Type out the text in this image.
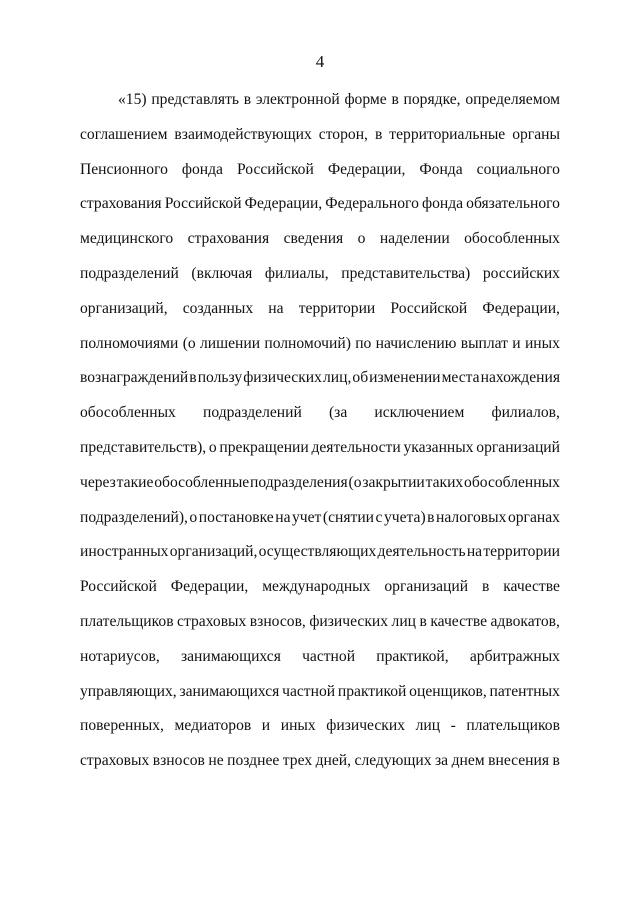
4
«15) представлять в электронной форме в порядке, определяемом
соглашением взаимодействующих сторон, в территориальные органы
Пенсионного фонда Российской Федерации, Фонда социального
страхования Российской Федерации, Федерального фонда обязательного
медицинского страхования сведения о наделении обособленных
подразделений (включая филиалы, представительства) российских
организаций, созданных на территории Российской Федерации,
полномочиями (о лишении полномочий) по начислению выплат и иных
вознаграждений в пользу физических лиц, об изменении места нахождения
обособленных подразделений (за исключением филиалов,
представительств), о прекращении деятельности указанных организаций
через такие обособленные подразделения (о закрытии таких обособленных
подразделений), о постановке на учет (снятии с учета) в налоговых органах
иностранных организаций, осуществляющих деятельность на территории
Российской Федерации, международных организаций в качестве
плательщиков страховых взносов, физических лиц в качестве адвокатов,
нотариусов, занимающихся частной практикой, арбитражных
управляющих, занимающихся частной практикой оценщиков, патентных
поверенных, медиаторов и иных физических лиц - плательщиков
страховых взносов не позднее трех дней, следующих за днем внесения в
